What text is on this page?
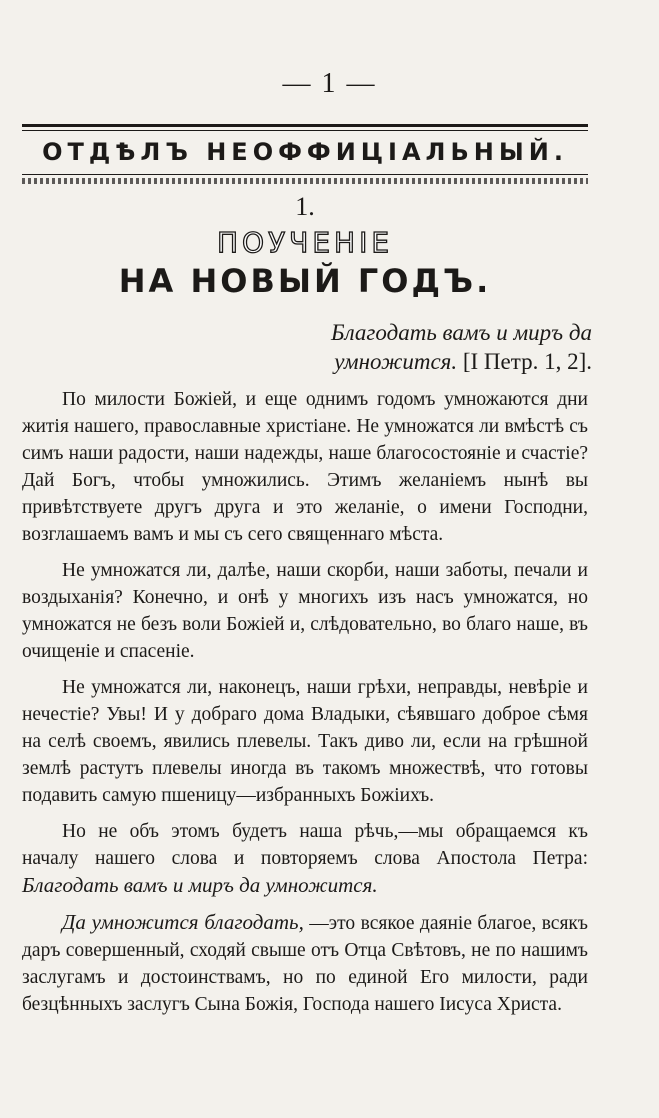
— 1 —
ОТДѢЛЪ НЕОФФИЦІАЛЬНЫЙ.
1.
ПОУЧЕНІЕ
НА НОВЫЙ ГОДЪ.
Благодать вамъ и миръ да
умножится. [I Петр. 1, 2].

По милости Божіей, и еще однимъ годомъ умножаются дни житія нашего, православные христіане. Не умножатся ли вмѣстѣ съ симъ наши радости, наши надежды, наше благосостояніе и счастіе? Дай Богъ, чтобы умножились. Этимъ желаніемъ нынѣ вы привѣтствуете другъ друга и это желаніе, о имени Господни, возглашаемъ вамъ и мы съ сего священнаго мѣста.

Не умножатся ли, далѣе, наши скорби, наши заботы, печали и воздыханія? Конечно, и онѣ у многихъ изъ насъ умножатся, но умножатся не безъ воли Божіей и, слѣдовательно, во благо наше, въ очищеніе и спасеніе.

Не умножатся ли, наконецъ, наши грѣхи, неправды, невѣріе и нечестіе? Увы! И у добраго дома Владыки, сѣявшаго доброе сѣмя на селѣ своемъ, явились плевелы. Такъ диво ли, если на грѣшной землѣ растутъ плевелы иногда въ такомъ множествѣ, что готовы подавить самую пшеницу—избранныхъ Божіихъ.

Но не объ этомъ будетъ наша рѣчь,—мы обращаемся къ началу нашего слова и повторяемъ слова Апостола Петра: Благодать вамъ и миръ да умножится.

Да умножится благодать, —это всякое даяніе благое, всякъ даръ совершенный, сходяй свыше отъ Отца Свѣтовъ, не по нашимъ заслугамъ и достоинствамъ, но по единой Его милости, ради безцѣнныхъ заслугъ Сына Божія, Господа нашего Іисуса Христа.
